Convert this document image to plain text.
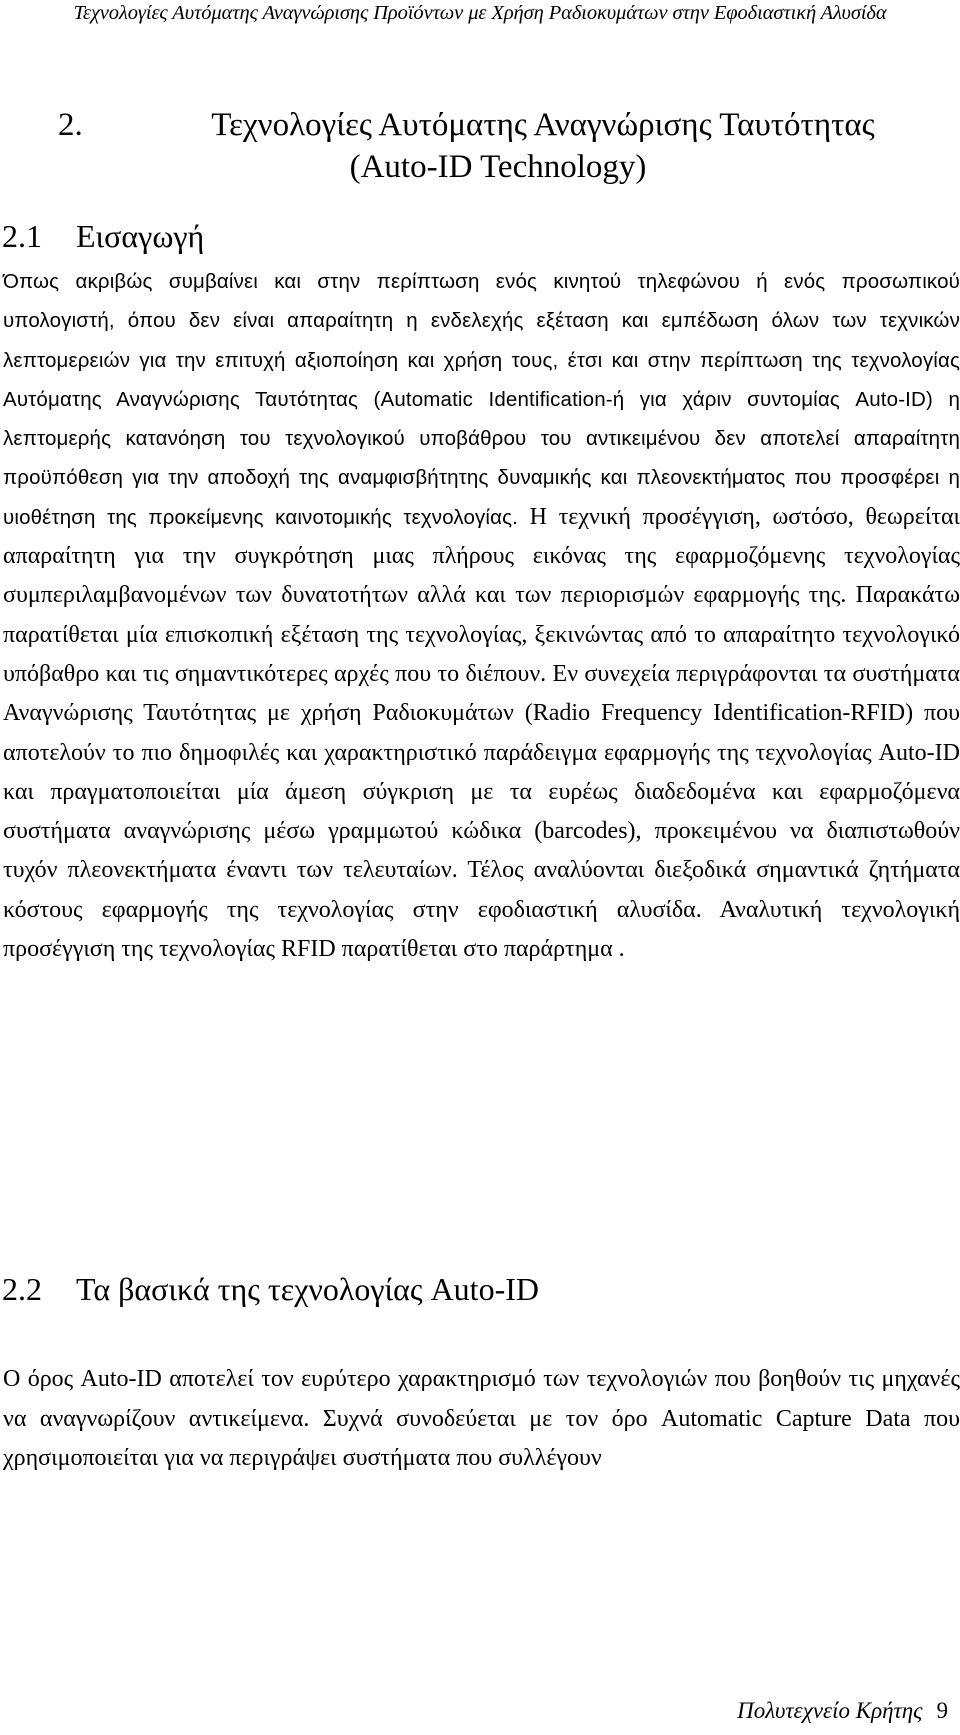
Τεχνολογίες Αυτόματης Αναγνώρισης Προϊόντων με Χρήση Ραδιοκυμάτων στην Εφοδιαστική Αλυσίδα
2.	Τεχνολογίες Αυτόματης Αναγνώρισης Ταυτότητας
(Auto-ID Technology)
2.1 Εισαγωγή

Όπως ακριβώς συμβαίνει και στην περίπτωση ενός κινητού τηλεφώνου ή ενός προσωπικού υπολογιστή, όπου δεν είναι απαραίτητη η ενδελεχής εξέταση και εμπέδωση όλων των τεχνικών λεπτομερειών για την επιτυχή αξιοποίηση και χρήση τους, έτσι και στην περίπτωση της τεχνολογίας Αυτόματης Αναγνώρισης Ταυτότητας (Automatic Identification-ή για χάριν συντομίας Auto-ID) η λεπτομερής κατανόηση του τεχνολογικού υποβάθρου του αντικειμένου δεν αποτελεί απαραίτητη προϋπόθεση για την αποδοχή της αναμφισβήτητης δυναμικής και πλεονεκτήματος που προσφέρει η υιοθέτηση της προκείμενης καινοτομικής τεχνολογίας. Η τεχνική προσέγγιση, ωστόσο, θεωρείται απαραίτητη για την συγκρότηση μιας πλήρους εικόνας της εφαρμοζόμενης τεχνολογίας συμπεριλαμβανομένων των δυνατοτήτων αλλά και των περιορισμών εφαρμογής της. Παρακάτω παρατίθεται μία επισκοπική εξέταση της τεχνολογίας, ξεκινώντας από το απαραίτητο τεχνολογικό υπόβαθρο και τις σημαντικότερες αρχές που το διέπουν. Εν συνεχεία περιγράφονται τα συστήματα Αναγνώρισης Ταυτότητας με χρήση Ραδιοκυμάτων (Radio Frequency Identification-RFID) που αποτελούν το πιο δημοφιλές και χαρακτηριστικό παράδειγμα εφαρμογής της τεχνολογίας Auto-ID και πραγματοποιείται μία άμεση σύγκριση με τα ευρέως διαδεδομένα και εφαρμοζόμενα συστήματα αναγνώρισης μέσω γραμμωτού κώδικα (barcodes), προκειμένου να διαπιστωθούν τυχόν πλεονεκτήματα έναντι των τελευταίων. Τέλος αναλύονται διεξοδικά σημαντικά ζητήματα κόστους εφαρμογής της τεχνολογίας στην εφοδιαστική αλυσίδα. Αναλυτική τεχνολογική προσέγγιση της τεχνολογίας RFID παρατίθεται στο παράρτημα .

2.2 Τα βασικά της τεχνολογίας Auto-ID

Ο όρος Auto-ID αποτελεί τον ευρύτερο χαρακτηρισμό των τεχνολογιών που βοηθούν τις μηχανές να αναγνωρίζουν αντικείμενα. Συχνά συνοδεύεται με τον όρο Automatic Capture Data που χρησιμοποιείται για να περιγράψει συστήματα που συλλέγουν

Πολυτεχνείο Κρήτης 9
